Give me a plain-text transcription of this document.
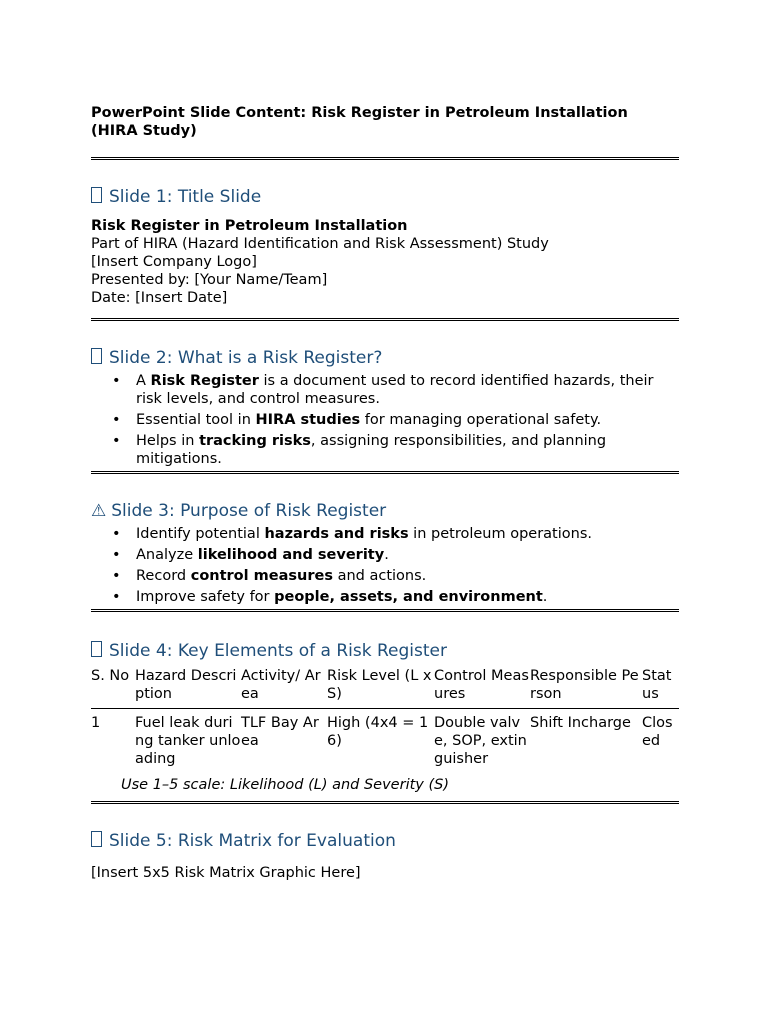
PowerPoint Slide Content: Risk Register in Petroleum Installation (HIRA Study)

Slide 1: Title Slide

Risk Register in Petroleum Installation

Part of HIRA (Hazard Identification and Risk Assessment) Study

[Insert Company Logo]

Presented by: [Your Name/Team]

Date: [Insert Date]

Slide 2: What is a Risk Register?

• A Risk Register is a document used to record identified hazards, their risk levels, and control measures.
• Essential tool in HIRA studies for managing operational safety.
• Helps in tracking risks, assigning responsibilities, and planning mitigations.

⚠ Slide 3: Purpose of Risk Register

• Identify potential hazards and risks in petroleum operations.
• Analyze likelihood and severity.
• Record control measures and actions.
• Improve safety for people, assets, and environment.

Slide 4: Key Elements of a Risk Register

S. No	Hazard Description	Activity/ Area	Risk Level (L x S)	Control Measures	Responsible Person	Status
1	Fuel leak during tanker unloading	TLF Bay Area	High (4x4 = 16)	Double valve, SOP, extinguisher	Shift Incharge	Closed

Use 1–5 scale: Likelihood (L) and Severity (S)

Slide 5: Risk Matrix for Evaluation

[Insert 5x5 Risk Matrix Graphic Here]
